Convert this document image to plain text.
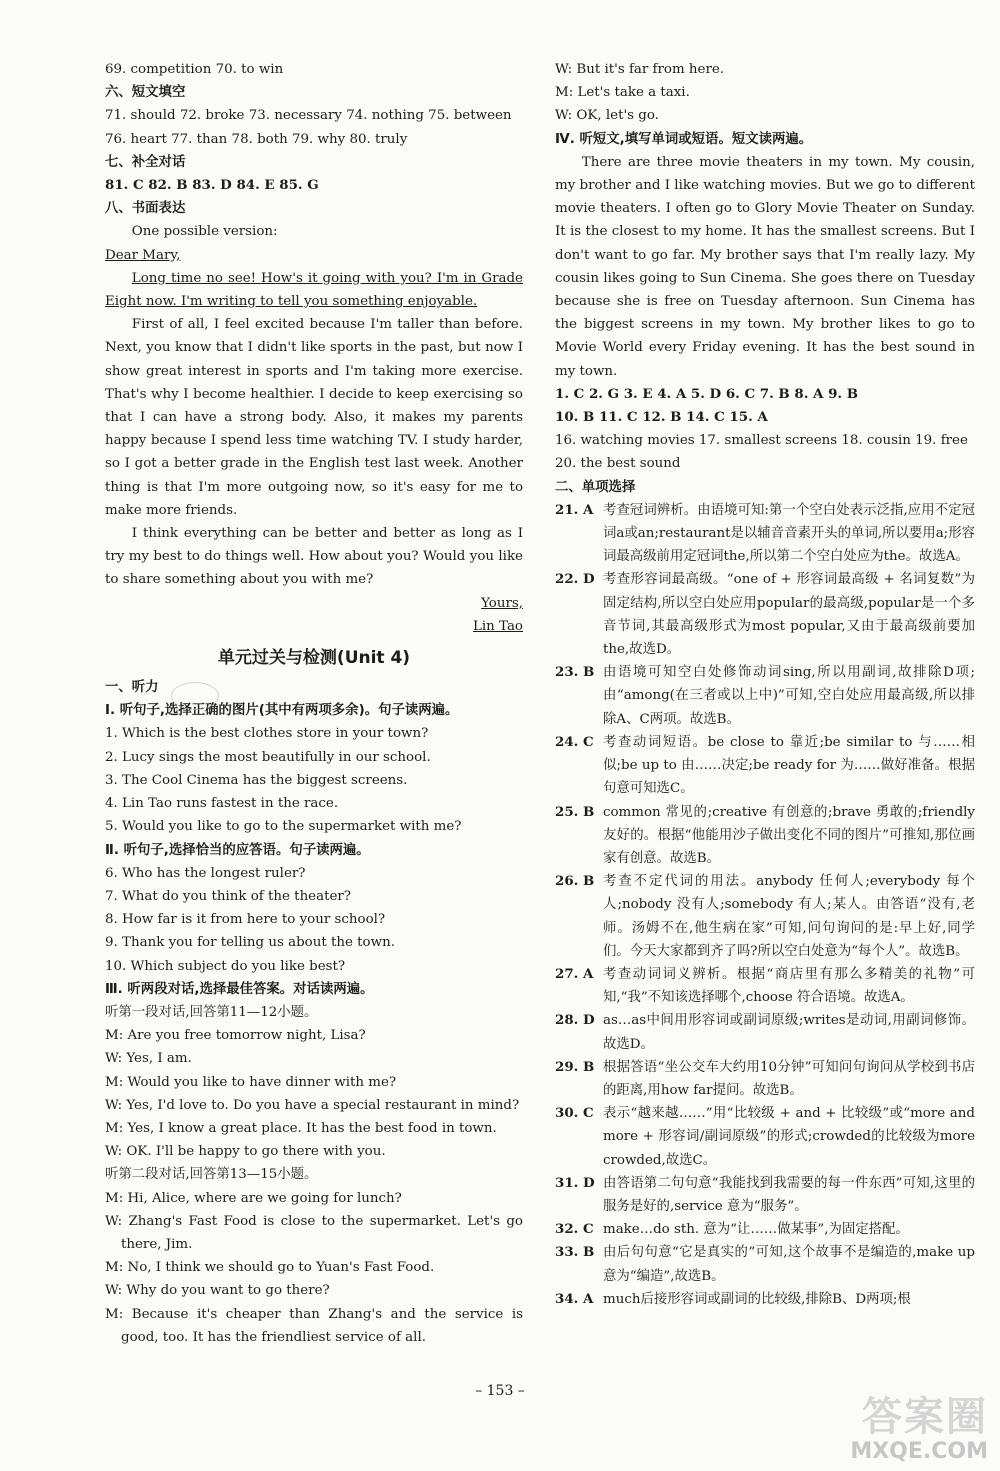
69. competition 70. to win
六、短文填空
71. should 72. broke 73. necessary 74. nothing 75. between
76. heart 77. than 78. both 79. why 80. truly
七、补全对话
81. C 82. B 83. D 84. E 85. G
八、书面表达
One possible version:
Dear Mary,
Long time no see! How's it going with you? I'm in Grade Eight now. I'm writing to tell you something enjoyable.
First of all, I feel excited because I'm taller than before. Next, you know that I didn't like sports in the past, but now I show great interest in sports and I'm taking more exercise. That's why I become healthier. I decide to keep exercising so that I can have a strong body. Also, it makes my parents happy because I spend less time watching TV. I study harder, so I got a better grade in the English test last week. Another thing is that I'm more outgoing now, so it's easy for me to make more friends.
I think everything can be better and better as long as I try my best to do things well. How about you? Would you like to share something about you with me?
Yours,
Lin Tao
单元过关与检测(Unit 4)
一、听力
Ⅰ. 听句子,选择正确的图片(其中有两项多余)。句子读两遍。
1. Which is the best clothes store in your town?
2. Lucy sings the most beautifully in our school.
3. The Cool Cinema has the biggest screens.
4. Lin Tao runs fastest in the race.
5. Would you like to go to the supermarket with me?
Ⅱ. 听句子,选择恰当的应答语。句子读两遍。
6. Who has the longest ruler?
7. What do you think of the theater?
8. How far is it from here to your school?
9. Thank you for telling us about the town.
10. Which subject do you like best?
Ⅲ. 听两段对话,选择最佳答案。对话读两遍。
听第一段对话,回答第11—12小题。
M: Are you free tomorrow night, Lisa?
W: Yes, I am.
M: Would you like to have dinner with me?
W: Yes, I'd love to. Do you have a special restaurant in mind?
M: Yes, I know a great place. It has the best food in town.
W: OK. I'll be happy to go there with you.
听第二段对话,回答第13—15小题。
M: Hi, Alice, where are we going for lunch?
W: Zhang's Fast Food is close to the supermarket. Let's go there, Jim.
M: No, I think we should go to Yuan's Fast Food.
W: Why do you want to go there?
M: Because it's cheaper than Zhang's and the service is good, too. It has the friendliest service of all.
W: But it's far from here.
M: Let's take a taxi.
W: OK, let's go.
Ⅳ. 听短文,填写单词或短语。短文读两遍。
There are three movie theaters in my town. My cousin, my brother and I like watching movies. But we go to different movie theaters. I often go to Glory Movie Theater on Sunday. It is the closest to my home. It has the smallest screens. But I don't want to go far. My brother says that I'm really lazy. My cousin likes going to Sun Cinema. She goes there on Tuesday because she is free on Tuesday afternoon. Sun Cinema has the biggest screens in my town. My brother likes to go to Movie World every Friday evening. It has the best sound in my town.
1. C 2. G 3. E 4. A 5. D 6. C 7. B 8. A 9. B
10. B 11. C 12. B 14. C 15. A
16. watching movies 17. smallest screens 18. cousin 19. free
20. the best sound
二、单项选择
21. A 考查冠词辨析。由语境可知:第一个空白处表示泛指,应用不定冠词a或an;restaurant是以辅音音素开头的单词,所以要用a;形容词最高级前用定冠词the,所以第二个空白处应为the。故选A。
22. D 考查形容词最高级。“one of + 形容词最高级 + 名词复数”为固定结构,所以空白处应用popular的最高级,popular是一个多音节词,其最高级形式为most popular,又由于最高级前要加the,故选D。
23. B 由语境可知空白处修饰动词sing,所以用副词,故排除D项;由“among(在三者或以上中)”可知,空白处应用最高级,所以排除A、C两项。故选B。
24. C 考查动词短语。be close to 靠近;be similar to 与……相似;be up to 由……决定;be ready for 为……做好准备。根据句意可知选C。
25. B common 常见的;creative 有创意的;brave 勇敢的;friendly 友好的。根据“他能用沙子做出变化不同的图片”可推知,那位画家有创意。故选B。
26. B 考查不定代词的用法。anybody 任何人;everybody 每个人;nobody 没有人;somebody 有人;某人。由答语“没有,老师。汤姆不在,他生病在家”可知,问句询问的是:早上好,同学们。今天大家都到齐了吗?所以空白处意为“每个人”。故选B。
27. A 考查动词词义辨析。根据“商店里有那么多精美的礼物”可知,“我”不知该选择哪个,choose 符合语境。故选A。
28. D as…as中间用形容词或副词原级;writes是动词,用副词修饰。故选D。
29. B 根据答语“坐公交车大约用10分钟”可知问句询问从学校到书店的距离,用how far提问。故选B。
30. C 表示“越来越……”用“比较级 + and + 比较级”或“more and more + 形容词/副词原级”的形式;crowded的比较级为more crowded,故选C。
31. D 由答语第二句句意“我能找到我需要的每一件东西”可知,这里的服务是好的,service 意为“服务”。
32. C make…do sth. 意为“让……做某事”,为固定搭配。
33. B 由后句句意“它是真实的”可知,这个故事不是编造的,make up 意为“编造”,故选B。
34. A much后接形容词或副词的比较级,排除B、D两项;根
– 153 –
答案圈
MXQE.COM
